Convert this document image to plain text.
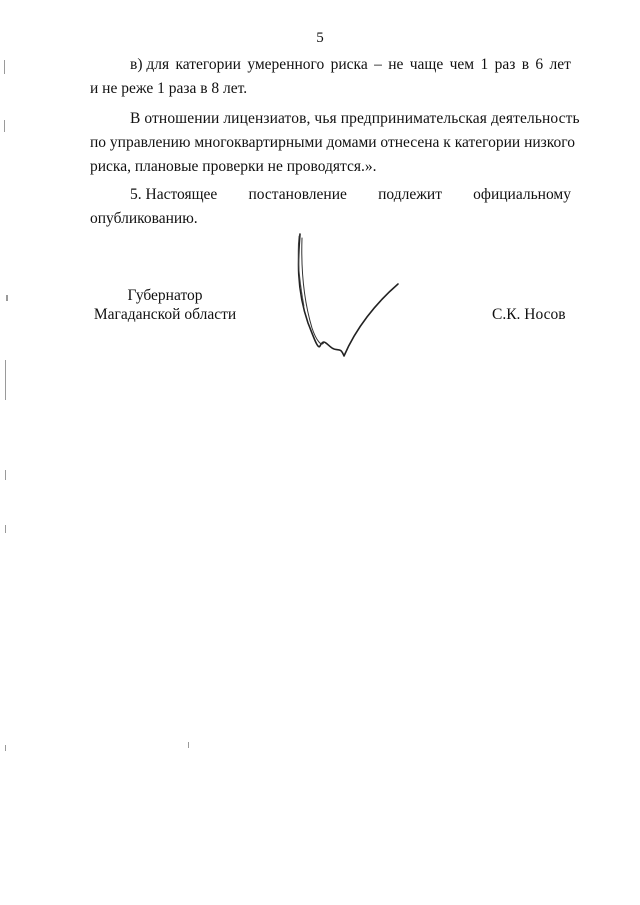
5
в) для категории умеренного риска – не чаще чем 1 раз в 6 лет
и не реже 1 раза в 8 лет.
В отношении лицензиатов, чья предпринимательская деятельность
по управлению многоквартирными домами отнесена к категории низкого
риска, плановые проверки не проводятся.».
5. Настоящее постановление подлежит официальному
опубликованию.
Губернатор
Магаданской области	С.К. Носов
